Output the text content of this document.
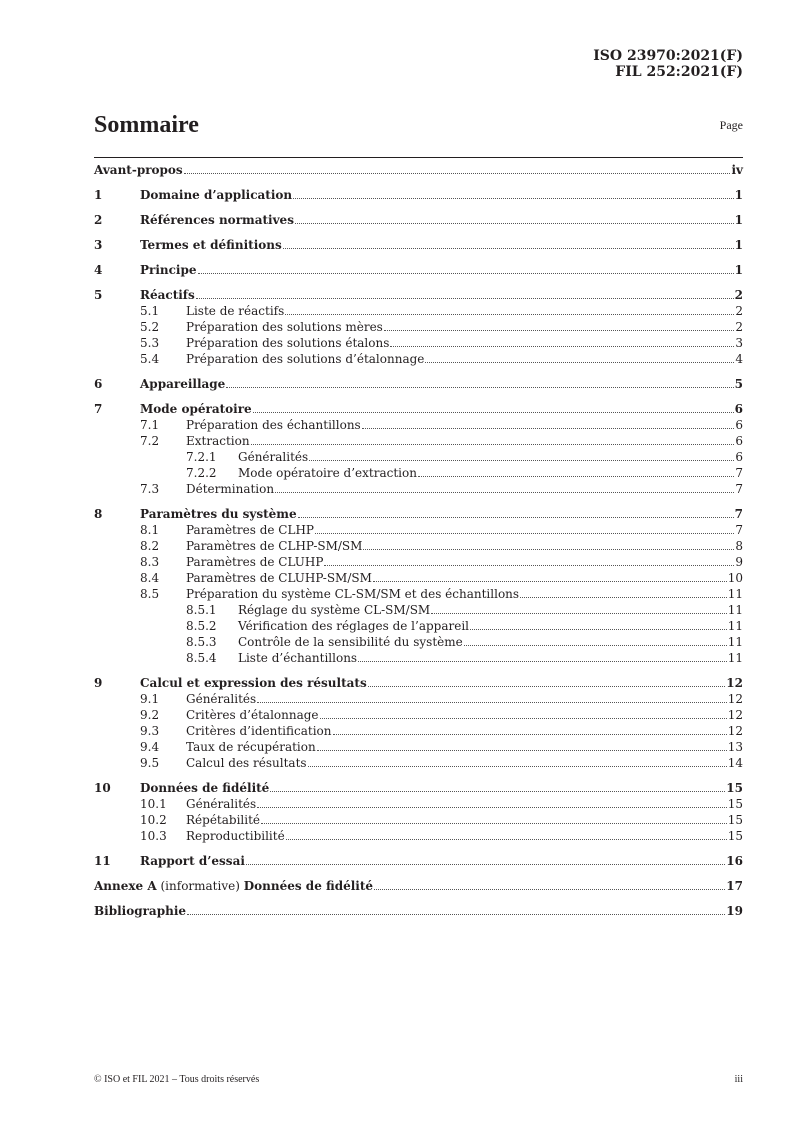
ISO 23970:2021(F)
FIL 252:2021(F)
Sommaire	Page
Avant-propos	iv
1	Domaine d’application	1
2	Références normatives	1
3	Termes et définitions	1
4	Principe	1
5	Réactifs	2
5.1 Liste de réactifs	2
5.2 Préparation des solutions mères	2
5.3 Préparation des solutions étalons	3
5.4 Préparation des solutions d’étalonnage	4
6	Appareillage	5
7	Mode opératoire	6
7.1 Préparation des échantillons	6
7.2 Extraction	6
7.2.1 Généralités	6
7.2.2 Mode opératoire d’extraction	7
7.3 Détermination	7
8	Paramètres du système	7
8.1 Paramètres de CLHP	7
8.2 Paramètres de CLHP-SM/SM	8
8.3 Paramètres de CLUHP	9
8.4 Paramètres de CLUHP-SM/SM	10
8.5 Préparation du système CL-SM/SM et des échantillons	11
8.5.1 Réglage du système CL-SM/SM	11
8.5.2 Vérification des réglages de l’appareil	11
8.5.3 Contrôle de la sensibilité du système	11
8.5.4 Liste d’échantillons	11
9	Calcul et expression des résultats	12
9.1 Généralités	12
9.2 Critères d’étalonnage	12
9.3 Critères d’identification	12
9.4 Taux de récupération	13
9.5 Calcul des résultats	14
10 Données de fidélité	15
10.1 Généralités	15
10.2 Répétabilité	15
10.3 Reproductibilité	15
11 Rapport d’essai	16
Annexe A (informative) Données de fidélité	17
Bibliographie	19
© ISO et FIL 2021 – Tous droits réservés	iii
